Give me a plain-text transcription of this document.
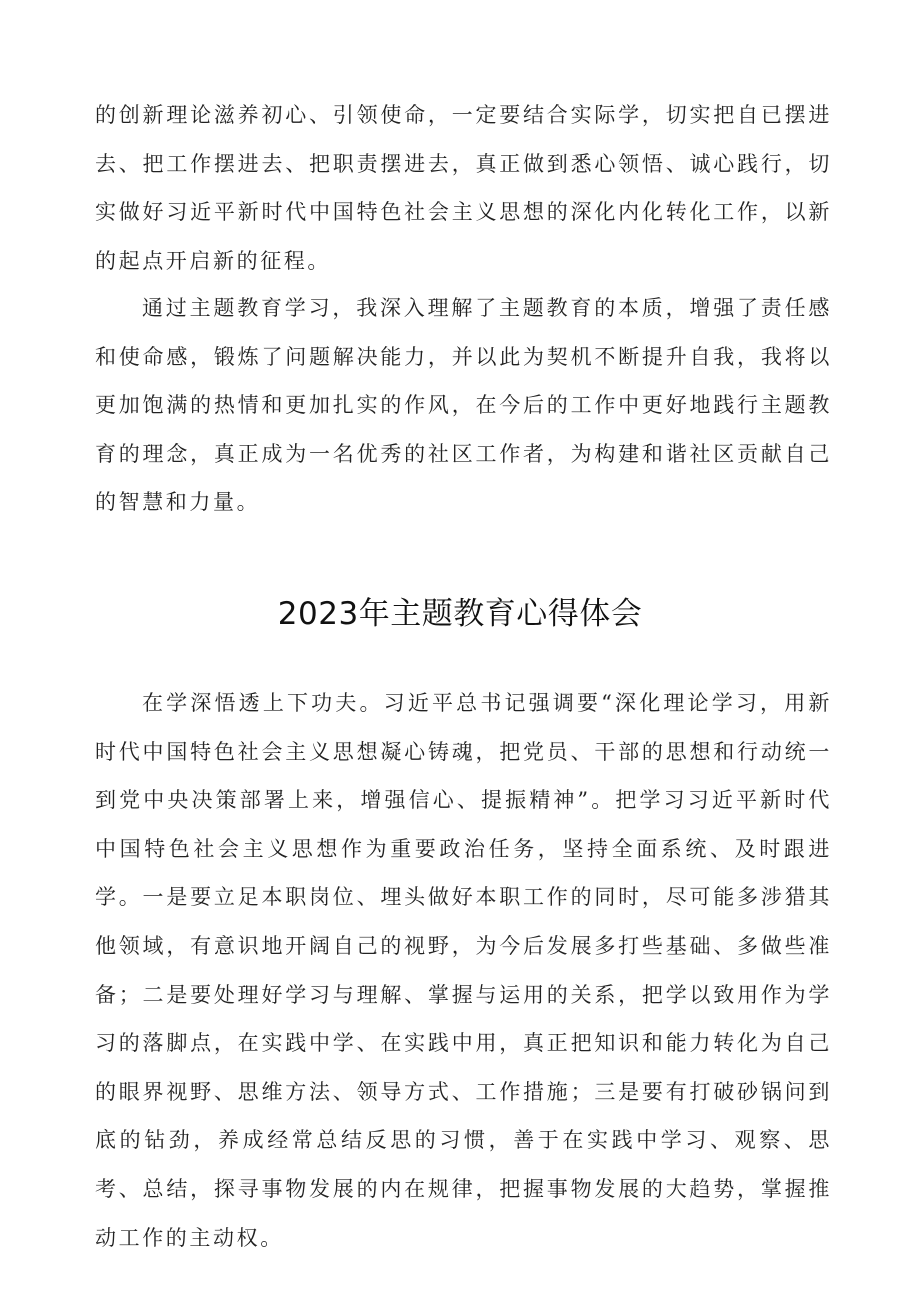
的创新理论滋养初心、引领使命，一定要结合实际学，切实把自已摆进去、把工作摆进去、把职责摆进去，真正做到悉心领悟、诚心践行，切实做好习近平新时代中国特色社会主义思想的深化内化转化工作，以新的起点开启新的征程。

通过主题教育学习，我深入理解了主题教育的本质，增强了责任感和使命感，锻炼了问题解决能力，并以此为契机不断提升自我，我将以更加饱满的热情和更加扎实的作风，在今后的工作中更好地践行主题教育的理念，真正成为一名优秀的社区工作者，为构建和谐社区贡献自己的智慧和力量。

2023年主题教育心得体会

在学深悟透上下功夫。习近平总书记强调要“深化理论学习，用新时代中国特色社会主义思想凝心铸魂，把党员、干部的思想和行动统一到党中央决策部署上来，增强信心、提振精神”。把学习习近平新时代中国特色社会主义思想作为重要政治任务，坚持全面系统、及时跟进学。一是要立足本职岗位、埋头做好本职工作的同时，尽可能多涉猎其他领域，有意识地开阔自己的视野，为今后发展多打些基础、多做些准备；二是要处理好学习与理解、掌握与运用的关系，把学以致用作为学习的落脚点，在实践中学、在实践中用，真正把知识和能力转化为自己的眼界视野、思维方法、领导方式、工作措施；三是要有打破砂锅问到底的钻劲，养成经常总结反思的习惯，善于在实践中学习、观察、思考、总结，探寻事物发展的内在规律，把握事物发展的大趋势，掌握推动工作的主动权。
